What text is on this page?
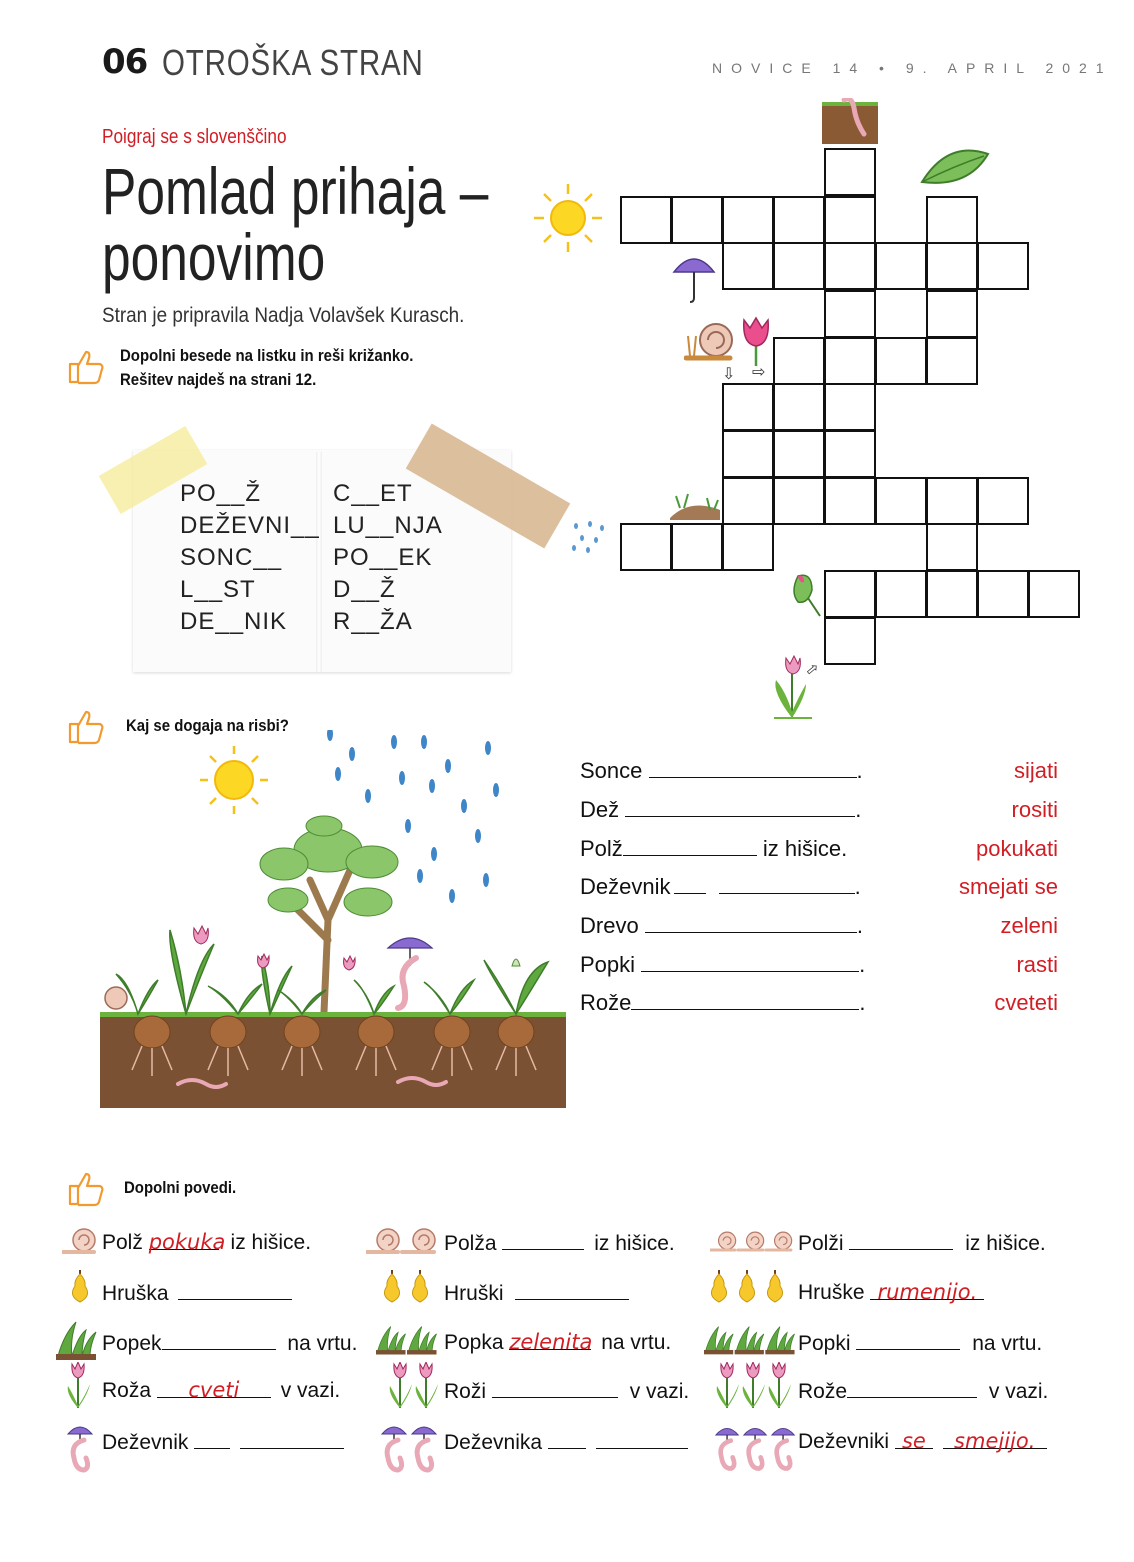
06 OTROŠKA STRAN	NOVICE 14 • 9. APRIL 2021
Poigraj se s slovenščino
Pomlad prihaja – ponovimo
Stran je pripravila Nadja Volavšek Kurasch.
Dopolni besede na listku in reši križanko.
Rešitev najdeš na strani 12.
PO__Ž
DEŽEVNI__
SONC__
L__ST
DE__NIK
C__ET
LU__NJA
PO__EK
D__Ž
R__ŽA
⇩ ⇨
⇨
Kaj se dogaja na risbi?
Sonce	.
Dež	.
Polž	iz hišice.
Deževnik	.
Drevo	.
Popki	.
Rože	.
sijati
rositi
pokukati
smejati se
zeleni
rasti
cveteti
Dopolni povedi.
Polž pokuka iz hišice.
Hruška
Popek	na vrtu.
Roža cveti v vazi.
Deževnik
Polža	iz hišice.
Hruški
Popka zelenita na vrtu.
Roži	v vazi.
Deževnika
Polži	iz hišice.
Hruške rumenijo.
Popki	na vrtu.
Rože	v vazi.
Deževniki se smejijo.
